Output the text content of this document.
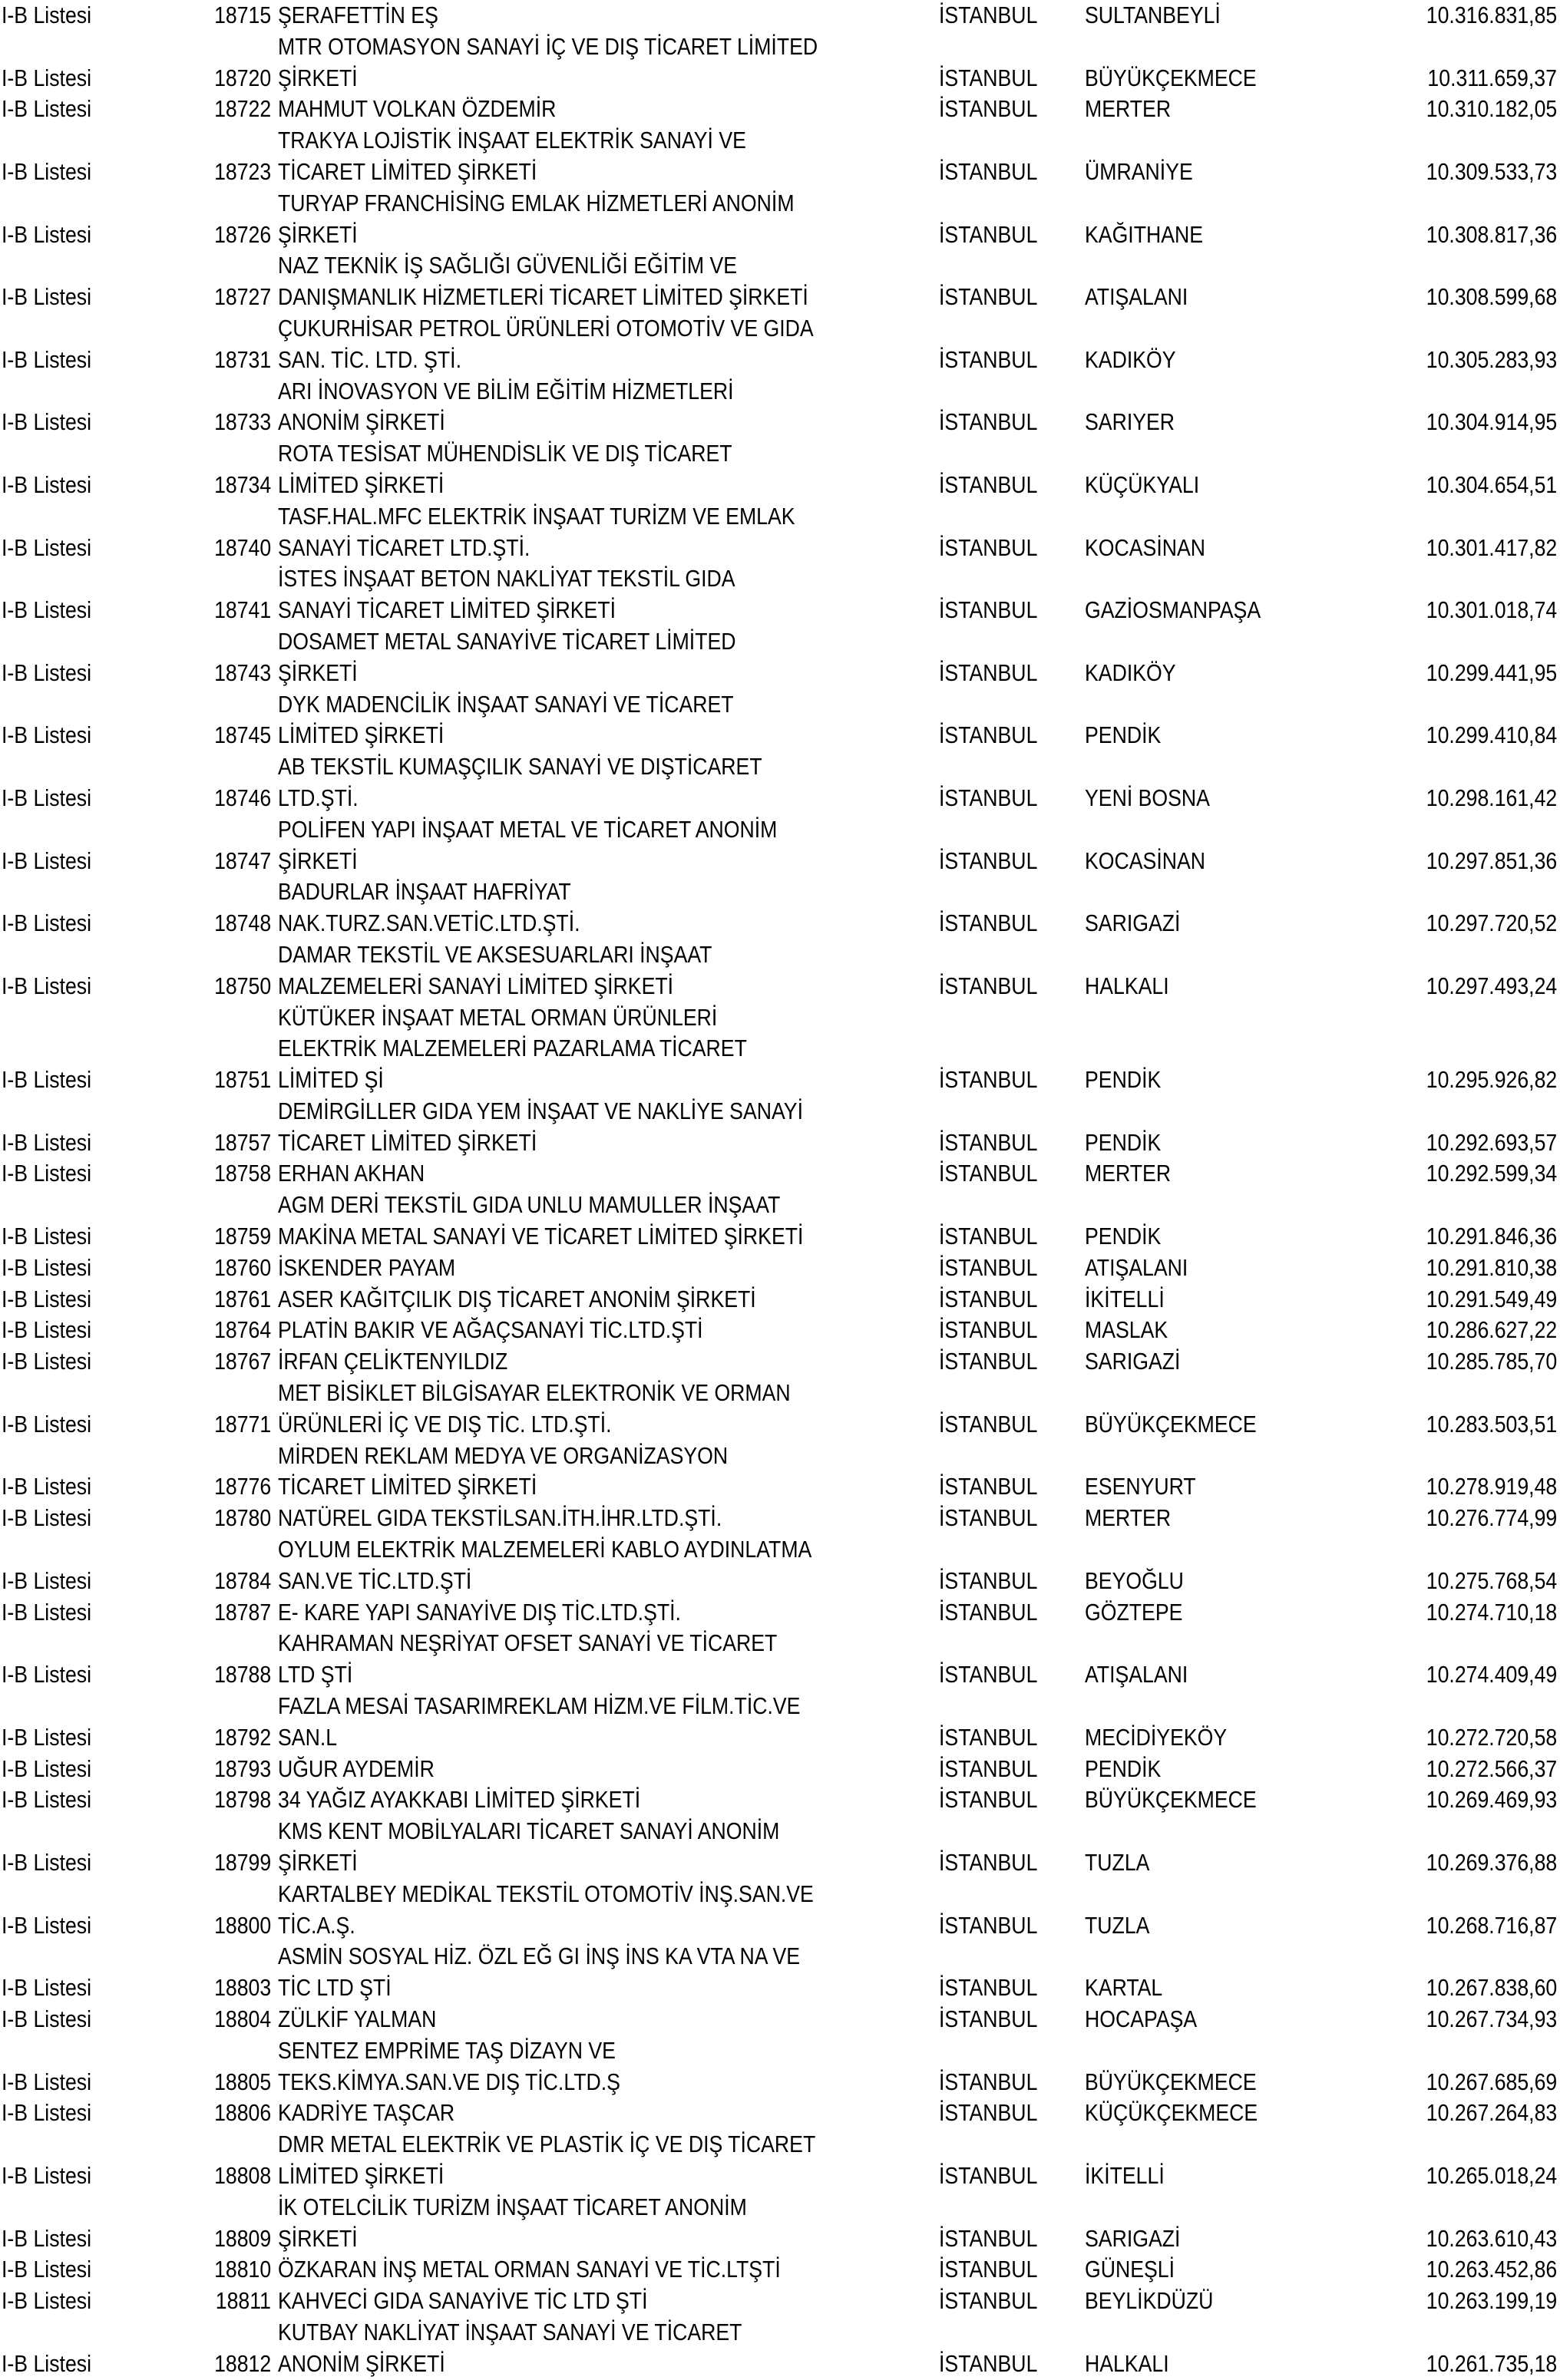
I-B Listesi	18715 ŞERAFETTİN EŞ	İSTANBUL SULTANBEYLİ	10.316.831,85
MTR OTOMASYON SANAYİ İÇ VE DIŞ TİCARET LİMİTED
I-B Listesi	18720 ŞİRKETİ	İSTANBUL BÜYÜKÇEKMECE	10.311.659,37
I-B Listesi	18722 MAHMUT VOLKAN ÖZDEMİR	İSTANBUL MERTER	10.310.182,05
TRAKYA LOJİSTİK İNŞAAT ELEKTRİK SANAYİ VE
I-B Listesi	18723 TİCARET LİMİTED ŞİRKETİ	İSTANBUL ÜMRANİYE	10.309.533,73
TURYAP FRANCHİSİNG EMLAK HİZMETLERİ ANONİM
I-B Listesi	18726 ŞİRKETİ	İSTANBUL KAĞITHANE	10.308.817,36
NAZ TEKNİK İŞ SAĞLIĞI GÜVENLİĞİ EĞİTİM VE
I-B Listesi	18727 DANIŞMANLIK HİZMETLERİ TİCARET LİMİTED ŞİRKETİ	İSTANBUL ATIŞALANI	10.308.599,68
ÇUKURHİSAR PETROL ÜRÜNLERİ OTOMOTİV VE GIDA
I-B Listesi	18731 SAN. TİC. LTD. ŞTİ.	İSTANBUL KADIKÖY	10.305.283,93
ARI İNOVASYON VE BİLİM EĞİTİM HİZMETLERİ
I-B Listesi	18733 ANONİM ŞİRKETİ	İSTANBUL SARIYER	10.304.914,95
ROTA TESİSAT MÜHENDİSLİK VE DIŞ TİCARET
I-B Listesi	18734 LİMİTED ŞİRKETİ	İSTANBUL KÜÇÜKYALI	10.304.654,51
TASF.HAL.MFC ELEKTRİK İNŞAAT TURİZM VE EMLAK
I-B Listesi	18740 SANAYİ TİCARET LTD.ŞTİ.	İSTANBUL KOCASİNAN	10.301.417,82
İSTES İNŞAAT BETON NAKLİYAT TEKSTİL GIDA
I-B Listesi	18741 SANAYİ TİCARET LİMİTED ŞİRKETİ	İSTANBUL GAZİOSMANPAŞA	10.301.018,74
DOSAMET METAL SANAYİVE TİCARET LİMİTED
I-B Listesi	18743 ŞİRKETİ	İSTANBUL KADIKÖY	10.299.441,95
DYK MADENCİLİK İNŞAAT SANAYİ VE TİCARET
I-B Listesi	18745 LİMİTED ŞİRKETİ	İSTANBUL PENDİK	10.299.410,84
AB TEKSTİL KUMAŞÇILIK SANAYİ VE DIŞTİCARET
I-B Listesi	18746 LTD.ŞTİ.	İSTANBUL YENİ BOSNA	10.298.161,42
POLİFEN YAPI İNŞAAT METAL VE TİCARET ANONİM
I-B Listesi	18747 ŞİRKETİ	İSTANBUL KOCASİNAN	10.297.851,36
BADURLAR İNŞAAT HAFRİYAT
I-B Listesi	18748 NAK.TURZ.SAN.VETİC.LTD.ŞTİ.	İSTANBUL SARIGAZİ	10.297.720,52
DAMAR TEKSTİL VE AKSESUARLARI İNŞAAT
I-B Listesi	18750 MALZEMELERİ SANAYİ LİMİTED ŞİRKETİ	İSTANBUL HALKALI	10.297.493,24
KÜTÜKER İNŞAAT METAL ORMAN ÜRÜNLERİ
ELEKTRİK MALZEMELERİ PAZARLAMA TİCARET
I-B Listesi	18751 LİMİTED Şİ	İSTANBUL PENDİK	10.295.926,82
DEMİRGİLLER GIDA YEM İNŞAAT VE NAKLİYE SANAYİ
I-B Listesi	18757 TİCARET LİMİTED ŞİRKETİ	İSTANBUL PENDİK	10.292.693,57
I-B Listesi	18758 ERHAN AKHAN	İSTANBUL MERTER	10.292.599,34
AGM DERİ TEKSTİL GIDA UNLU MAMULLER İNŞAAT
I-B Listesi	18759 MAKİNA METAL SANAYİ VE TİCARET LİMİTED ŞİRKETİ	İSTANBUL PENDİK	10.291.846,36
I-B Listesi	18760 İSKENDER PAYAM	İSTANBUL ATIŞALANI	10.291.810,38
I-B Listesi	18761 ASER KAĞITÇILIK DIŞ TİCARET ANONİM ŞİRKETİ	İSTANBUL İKİTELLİ	10.291.549,49
I-B Listesi	18764 PLATİN BAKIR VE AĞAÇSANAYİ TİC.LTD.ŞTİ	İSTANBUL MASLAK	10.286.627,22
I-B Listesi	18767 İRFAN ÇELİKTENYILDIZ	İSTANBUL SARIGAZİ	10.285.785,70
MET BİSİKLET BİLGİSAYAR ELEKTRONİK VE ORMAN
I-B Listesi	18771 ÜRÜNLERİ İÇ VE DIŞ TİC. LTD.ŞTİ.	İSTANBUL BÜYÜKÇEKMECE	10.283.503,51
MİRDEN REKLAM MEDYA VE ORGANİZASYON
I-B Listesi	18776 TİCARET LİMİTED ŞİRKETİ	İSTANBUL ESENYURT	10.278.919,48
I-B Listesi	18780 NATÜREL GIDA TEKSTİLSAN.İTH.İHR.LTD.ŞTİ.	İSTANBUL MERTER	10.276.774,99
OYLUM ELEKTRİK MALZEMELERİ KABLO AYDINLATMA
I-B Listesi	18784 SAN.VE TİC.LTD.ŞTİ	İSTANBUL BEYOĞLU	10.275.768,54
I-B Listesi	18787 E- KARE YAPI SANAYİVE DIŞ TİC.LTD.ŞTİ.	İSTANBUL GÖZTEPE	10.274.710,18
KAHRAMAN NEŞRİYAT OFSET SANAYİ VE TİCARET
I-B Listesi	18788 LTD ŞTİ	İSTANBUL ATIŞALANI	10.274.409,49
FAZLA MESAİ TASARIMREKLAM HİZM.VE FİLM.TİC.VE
I-B Listesi	18792 SAN.L	İSTANBUL MECİDİYEKÖY	10.272.720,58
I-B Listesi	18793 UĞUR AYDEMİR	İSTANBUL PENDİK	10.272.566,37
I-B Listesi	18798 34 YAĞIZ AYAKKABI LİMİTED ŞİRKETİ	İSTANBUL BÜYÜKÇEKMECE	10.269.469,93
KMS KENT MOBİLYALARI TİCARET SANAYİ ANONİM
I-B Listesi	18799 ŞİRKETİ	İSTANBUL TUZLA	10.269.376,88
KARTALBEY MEDİKAL TEKSTİL OTOMOTİV İNŞ.SAN.VE
I-B Listesi	18800 TİC.A.Ş.	İSTANBUL TUZLA	10.268.716,87
ASMİN SOSYAL HİZ. ÖZL EĞ GI İNŞ İNS KA VTA NA VE
I-B Listesi	18803 TİC LTD ŞTİ	İSTANBUL KARTAL	10.267.838,60
I-B Listesi	18804 ZÜLKİF YALMAN	İSTANBUL HOCAPAŞA	10.267.734,93
SENTEZ EMPRİME TAŞ DİZAYN VE
I-B Listesi	18805 TEKS.KİMYA.SAN.VE DIŞ TİC.LTD.Ş	İSTANBUL BÜYÜKÇEKMECE	10.267.685,69
I-B Listesi	18806 KADRİYE TAŞCAR	İSTANBUL KÜÇÜKÇEKMECE	10.267.264,83
DMR METAL ELEKTRİK VE PLASTİK İÇ VE DIŞ TİCARET
I-B Listesi	18808 LİMİTED ŞİRKETİ	İSTANBUL İKİTELLİ	10.265.018,24
İK OTELCİLİK TURİZM İNŞAAT TİCARET ANONİM
I-B Listesi	18809 ŞİRKETİ	İSTANBUL SARIGAZİ	10.263.610,43
I-B Listesi	18810 ÖZKARAN İNŞ METAL ORMAN SANAYİ VE TİC.LTŞTİ	İSTANBUL GÜNEŞLİ	10.263.452,86
I-B Listesi	18811 KAHVECİ GIDA SANAYİVE TİC LTD ŞTİ	İSTANBUL BEYLİKDÜZÜ	10.263.199,19
KUTBAY NAKLİYAT İNŞAAT SANAYİ VE TİCARET
I-B Listesi	18812 ANONİM ŞİRKETİ	İSTANBUL HALKALI	10.261.735,18
